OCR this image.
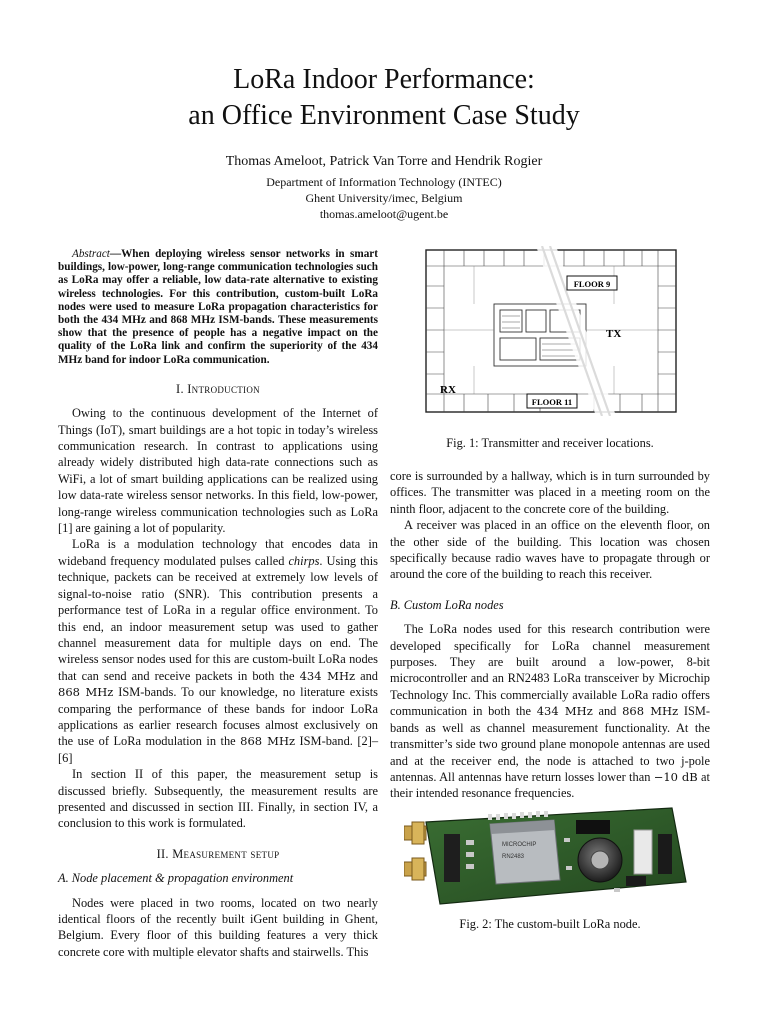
LoRa Indoor Performance:
an Office Environment Case Study
Thomas Ameloot, Patrick Van Torre and Hendrik Rogier
Department of Information Technology (INTEC)
Ghent University/imec, Belgium
thomas.ameloot@ugent.be
Abstract—When deploying wireless sensor networks in smart buildings, low-power, long-range communication technologies such as LoRa may offer a reliable, low data-rate alternative to existing wireless technologies. For this contribution, custom-built LoRa nodes were used to measure LoRa propagation characteristics for both the 434 MHz and 868 MHz ISM-bands. These measurements show that the presence of people has a negative impact on the quality of the LoRa link and confirm the superiority of the 434 MHz band for indoor LoRa communication.
I. Introduction

Owing to the continuous development of the Internet of Things (IoT), smart buildings are a hot topic in today’s wireless communication research. In contrast to applications using already widely distributed high data-rate connections such as WiFi, a lot of smart building applications can be realized using low data-rate wireless sensor networks. In this field, low-power, long-range wireless communication technologies such as LoRa [1] are gaining a lot of popularity.

LoRa is a modulation technology that encodes data in wideband frequency modulated pulses called chirps. Using this technique, packets can be received at extremely low levels of signal-to-noise ratio (SNR). This contribution presents a performance test of LoRa in a regular office environment. To this end, an indoor measurement setup was used to gather channel measurement data for multiple days on end. The wireless sensor nodes used for this are custom-built LoRa nodes that can send and receive packets in both the 434 MHz and 868 MHz ISM-bands. To our knowledge, no literature exists comparing the performance of these bands for indoor LoRa applications as earlier research focuses almost exclusively on the use of LoRa modulation in the 868 MHz ISM-band. [2]–[6]

In section II of this paper, the measurement setup is discussed briefly. Subsequently, the measurement results are presented and discussed in section III. Finally, in section IV, a conclusion to this work is formulated.

II. Measurement setup
A. Node placement & propagation environment

Nodes were placed in two rooms, located on two nearly identical floors of the recently built iGent building in Ghent, Belgium. Every floor of this building features a very thick concrete core with multiple elevator shafts and stairwells. This

FLOOR 9
FLOOR 11
TX
RX
Fig. 1: Transmitter and receiver locations.

core is surrounded by a hallway, which is in turn surrounded by offices. The transmitter was placed in a meeting room on the ninth floor, adjacent to the concrete core of the building.

A receiver was placed in an office on the eleventh floor, on the other side of the building. This location was chosen specifically because radio waves have to propagate through or around the core of the building to reach this receiver.

B. Custom LoRa nodes

The LoRa nodes used for this research contribution were developed specifically for LoRa channel measurement purposes. They are built around a low-power, 8-bit microcontroller and an RN2483 LoRa transceiver by Microchip Technology Inc. This commercially available LoRa radio offers communication in both the 434 MHz and 868 MHz ISM-bands as well as channel measurement functionality. At the transmitter’s side two ground plane monopole antennas are used and at the receiver end, the node is attached to two j-pole antennas. All antennas have return losses lower than −10 dB at their intended resonance frequencies.

MICROCHIP
RN2483
Fig. 2: The custom-built LoRa node.
